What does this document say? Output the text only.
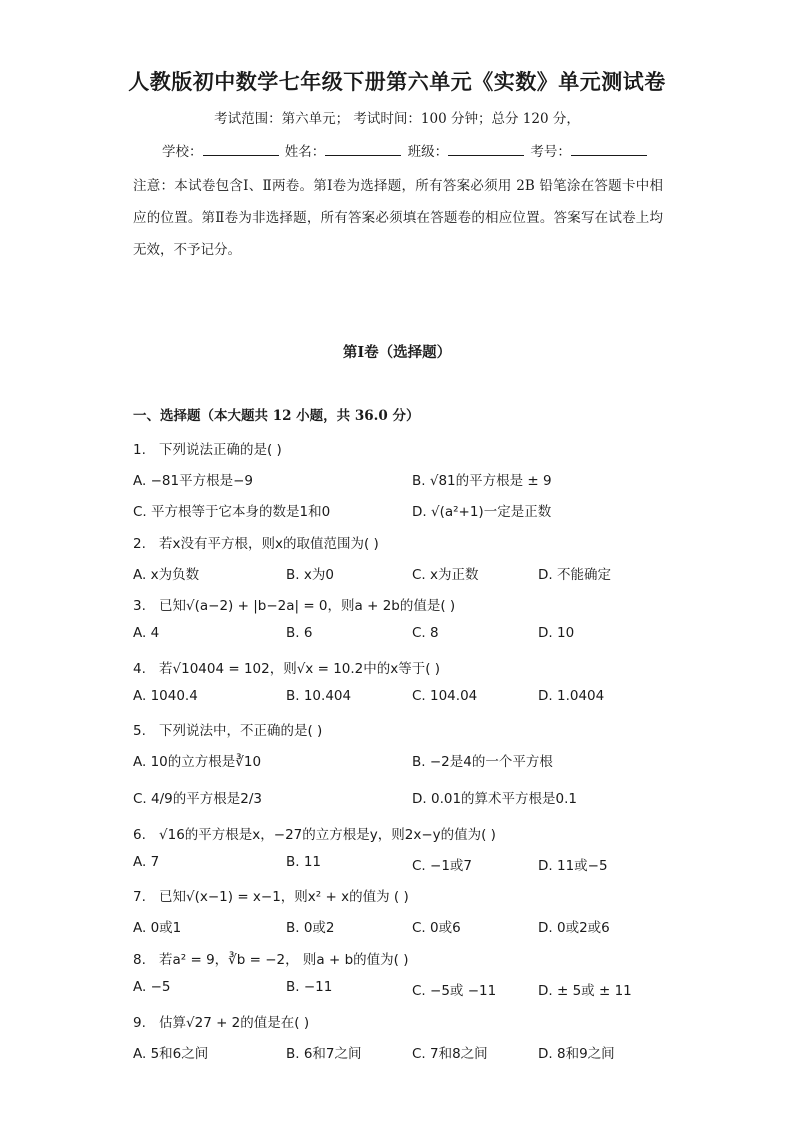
人教版初中数学七年级下册第六单元《实数》单元测试卷
考试范围：第六单元； 考试时间：100 分钟；总分 120 分，
学校：	姓名：	班级：	考号：
注意：本试卷包含Ⅰ、Ⅱ两卷。第Ⅰ卷为选择题，所有答案必须用 2B 铅笔涂在答题卡中相应的位置。第Ⅱ卷为非选择题，所有答案必须填在答题卷的相应位置。答案写在试卷上均无效，不予记分。
第Ⅰ卷（选择题）
一、选择题（本大题共 12 小题，共 36.0 分）
1. 下列说法正确的是( )
A. −81平方根是−9	B. √81的平方根是 ± 9
C. 平方根等于它本身的数是1和0	D. √(a²+1)一定是正数
2. 若x没有平方根，则x的取值范围为( )
A. x为负数	B. x为0	C. x为正数	D. 不能确定
3. 已知√(a−2) + |b−2a| = 0，则a + 2b的值是( )
A. 4	B. 6	C. 8	D. 10
4. 若√10404 = 102，则√x = 10.2中的x等于( )
A. 1040.4	B. 10.404	C. 104.04	D. 1.0404
5. 下列说法中，不正确的是( )
A. 10的立方根是∛10	B. −2是4的一个平方根
C. 4/9的平方根是2/3	D. 0.01的算术平方根是0.1
6. √16的平方根是x，−27的立方根是y，则2x−y的值为( )
A. 7	B. 11	C. −1或7	D. 11或−5
7. 已知√(x−1) = x−1，则x² + x的值为 ( )
A. 0或1	B. 0或2	C. 0或6	D. 0或2或6
8. 若a² = 9，∛b = −2， 则a + b的值为( )
A. −5	B. −11	C. −5或 −11	D. ± 5或 ± 11
9. 估算√27 + 2的值是在( )
A. 5和6之间	B. 6和7之间	C. 7和8之间	D. 8和9之间
